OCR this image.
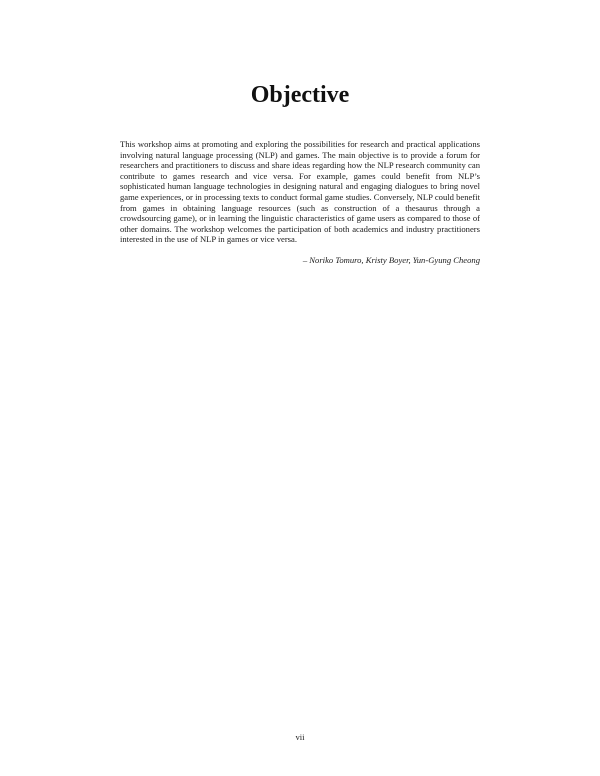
Objective

This workshop aims at promoting and exploring the possibilities for research and practical applications involving natural language processing (NLP) and games. The main objective is to provide a forum for researchers and practitioners to discuss and share ideas regarding how the NLP research community can contribute to games research and vice versa. For example, games could benefit from NLP’s sophisticated human language technologies in designing natural and engaging dialogues to bring novel game experiences, or in processing texts to conduct formal game studies. Conversely, NLP could benefit from games in obtaining language resources (such as construction of a thesaurus through a crowdsourcing game), or in learning the linguistic characteristics of game users as compared to those of other domains. The workshop welcomes the participation of both academics and industry practitioners interested in the use of NLP in games or vice versa.

– Noriko Tomuro, Kristy Boyer, Yun-Gyung Cheong

vii
